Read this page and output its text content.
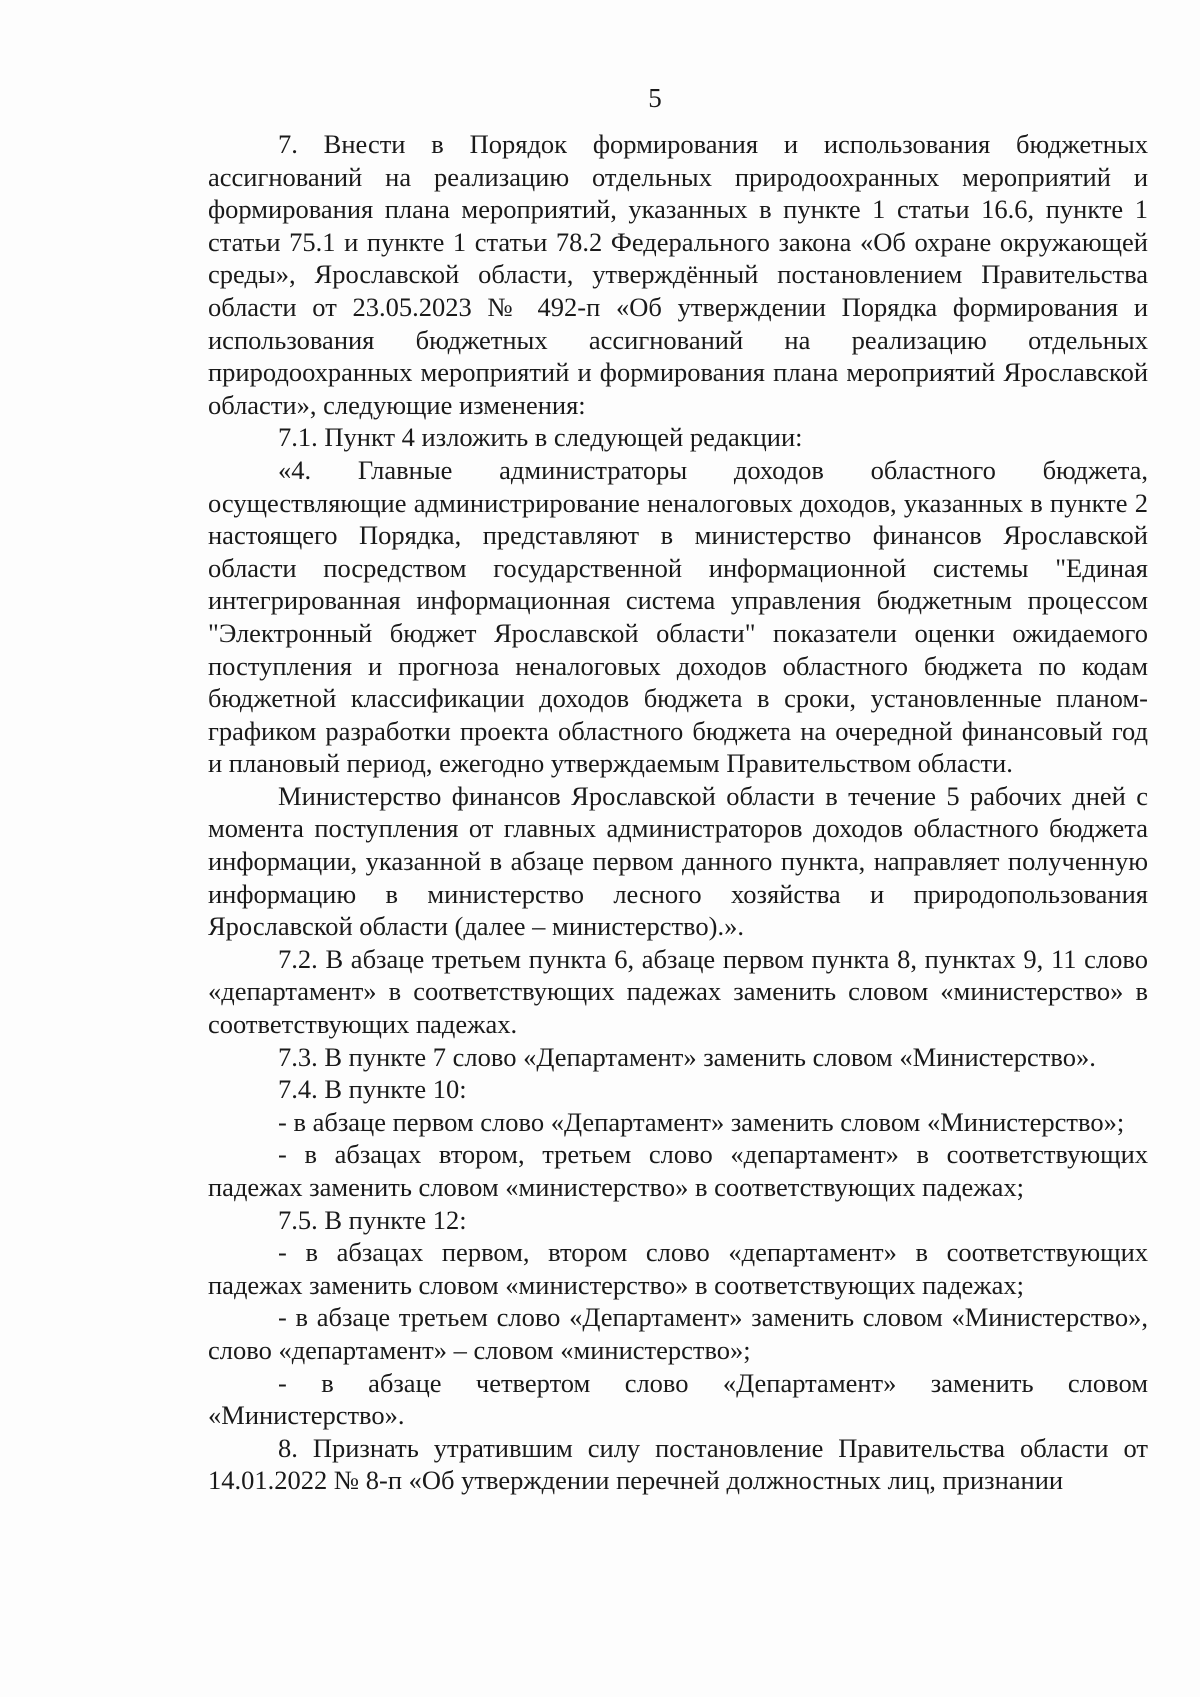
5

7. Внести в Порядок формирования и использования бюджетных ассигнований на реализацию отдельных природоохранных мероприятий и формирования плана мероприятий, указанных в пункте 1 статьи 16.6, пункте 1 статьи 75.1 и пункте 1 статьи 78.2 Федерального закона «Об охране окружающей среды», Ярославской области, утверждённый постановлением Правительства области от 23.05.2023 № 492-п «Об утверждении Порядка формирования и использования бюджетных ассигнований на реализацию отдельных природоохранных мероприятий и формирования плана мероприятий Ярославской области», следующие изменения:

7.1. Пункт 4 изложить в следующей редакции:

«4. Главные администраторы доходов областного бюджета, осуществляющие администрирование неналоговых доходов, указанных в пункте 2 настоящего Порядка, представляют в министерство финансов Ярославской области посредством государственной информационной системы "Единая интегрированная информационная система управления бюджетным процессом "Электронный бюджет Ярославской области" показатели оценки ожидаемого поступления и прогноза неналоговых доходов областного бюджета по кодам бюджетной классификации доходов бюджета в сроки, установленные планом-графиком разработки проекта областного бюджета на очередной финансовый год и плановый период, ежегодно утверждаемым Правительством области.

Министерство финансов Ярославской области в течение 5 рабочих дней с момента поступления от главных администраторов доходов областного бюджета информации, указанной в абзаце первом данного пункта, направляет полученную информацию в министерство лесного хозяйства и природопользования Ярославской области (далее – министерство).».

7.2. В абзаце третьем пункта 6, абзаце первом пункта 8, пунктах 9, 11 слово «департамент» в соответствующих падежах заменить словом «министерство» в соответствующих падежах.

7.3. В пункте 7 слово «Департамент» заменить словом «Министерство».

7.4. В пункте 10:

- в абзаце первом слово «Департамент» заменить словом «Министерство»;

- в абзацах втором, третьем слово «департамент» в соответствующих падежах заменить словом «министерство» в соответствующих падежах;

7.5. В пункте 12:

- в абзацах первом, втором слово «департамент» в соответствующих падежах заменить словом «министерство» в соответствующих падежах;

- в абзаце третьем слово «Департамент» заменить словом «Министерство», слово «департамент» – словом «министерство»;

- в абзаце четвертом слово «Департамент» заменить словом «Министерство».

8. Признать утратившим силу постановление Правительства области от 14.01.2022 № 8-п «Об утверждении перечней должностных лиц, признании
